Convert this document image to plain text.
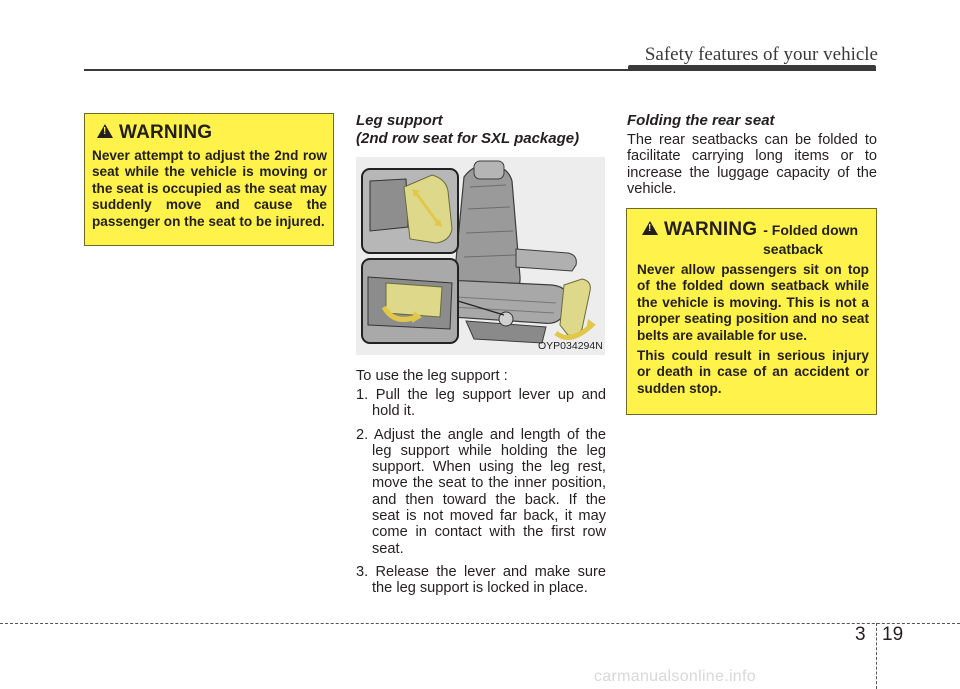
Safety features of your vehicle
!
WARNING
Never attempt to adjust the 2nd row seat while the vehicle is moving or the seat is occupied as the seat may suddenly move and cause the passenger on the seat to be injured.
Leg support
(2nd row seat for SXL package)
OYP034294N
To use the leg support :
1. Pull the leg support lever up and hold it.
2. Adjust the angle and length of the leg support while holding the leg support. When using the leg rest, move the seat to the inner position, and then toward the back. If the seat is not moved far back, it may come in contact with the first row seat.
3. Release the lever and make sure the leg support is locked in place.
Folding the rear seat

The rear seatbacks can be folded to facilitate carrying long items or to increase the luggage capacity of the vehicle.

!
WARNING - Folded down
seatback

Never allow passengers sit on top of the folded down seatback while the vehicle is moving. This is not a proper seating position and no seat belts are available for use.

This could result in serious injury or death in case of an accident or sudden stop.

3 19
carmanualsonline.info
